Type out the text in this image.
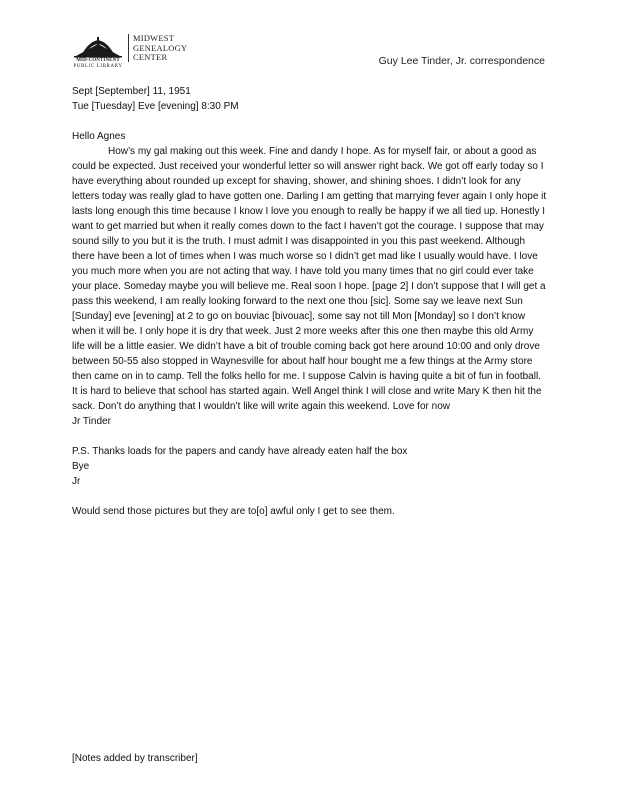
MID-CONTINENT
PUBLIC LIBRARY
MIDWEST
GENEALOGY
CENTER	Guy Lee Tinder, Jr. correspondence

Sept [September] 11, 1951

Tue [Tuesday] Eve [evening] 8:30 PM

Hello Agnes

How’s my gal making out this week. Fine and dandy I hope. As for myself fair, or about a good as could be expected. Just received your wonderful letter so will answer right back. We got off early today so I have everything about rounded up except for shaving, shower, and shining shoes. I didn’t look for any letters today was really glad to have gotten one. Darling I am getting that marrying fever again I only hope it lasts long enough this time because I know I love you enough to really be happy if we all tied up. Honestly I want to get married but when it really comes down to the fact I haven’t got the courage. I suppose that may sound silly to you but it is the truth. I must admit I was disappointed in you this past weekend. Although there have been a lot of times when I was much worse so I didn’t get mad like I usually would have. I love you much more when you are not acting that way. I have told you many times that no girl could ever take your place. Someday maybe you will believe me. Real soon I hope. [page 2] I don’t suppose that I will get a pass this weekend, I am really looking forward to the next one thou [sic]. Some say we leave next Sun [Sunday] eve [evening] at 2 to go on bouviac [bivouac], some say not till Mon [Monday] so I don’t know when it will be. I only hope it is dry that week. Just 2 more weeks after this one then maybe this old Army life will be a little easier. We didn’t have a bit of trouble coming back got here around 10:00 and only drove between 50-55 also stopped in Waynesville for about half hour bought me a few things at the Army store then came on in to camp. Tell the folks hello for me. I suppose Calvin is having quite a bit of fun in football. It is hard to believe that school has started again. Well Angel think I will close and write Mary K then hit the sack. Don’t do anything that I wouldn’t like will write again this weekend. Love for now

Jr Tinder

P.S. Thanks loads for the papers and candy have already eaten half the box

Bye

Jr

Would send those pictures but they are to[o] awful only I get to see them.

[Notes added by transcriber]
